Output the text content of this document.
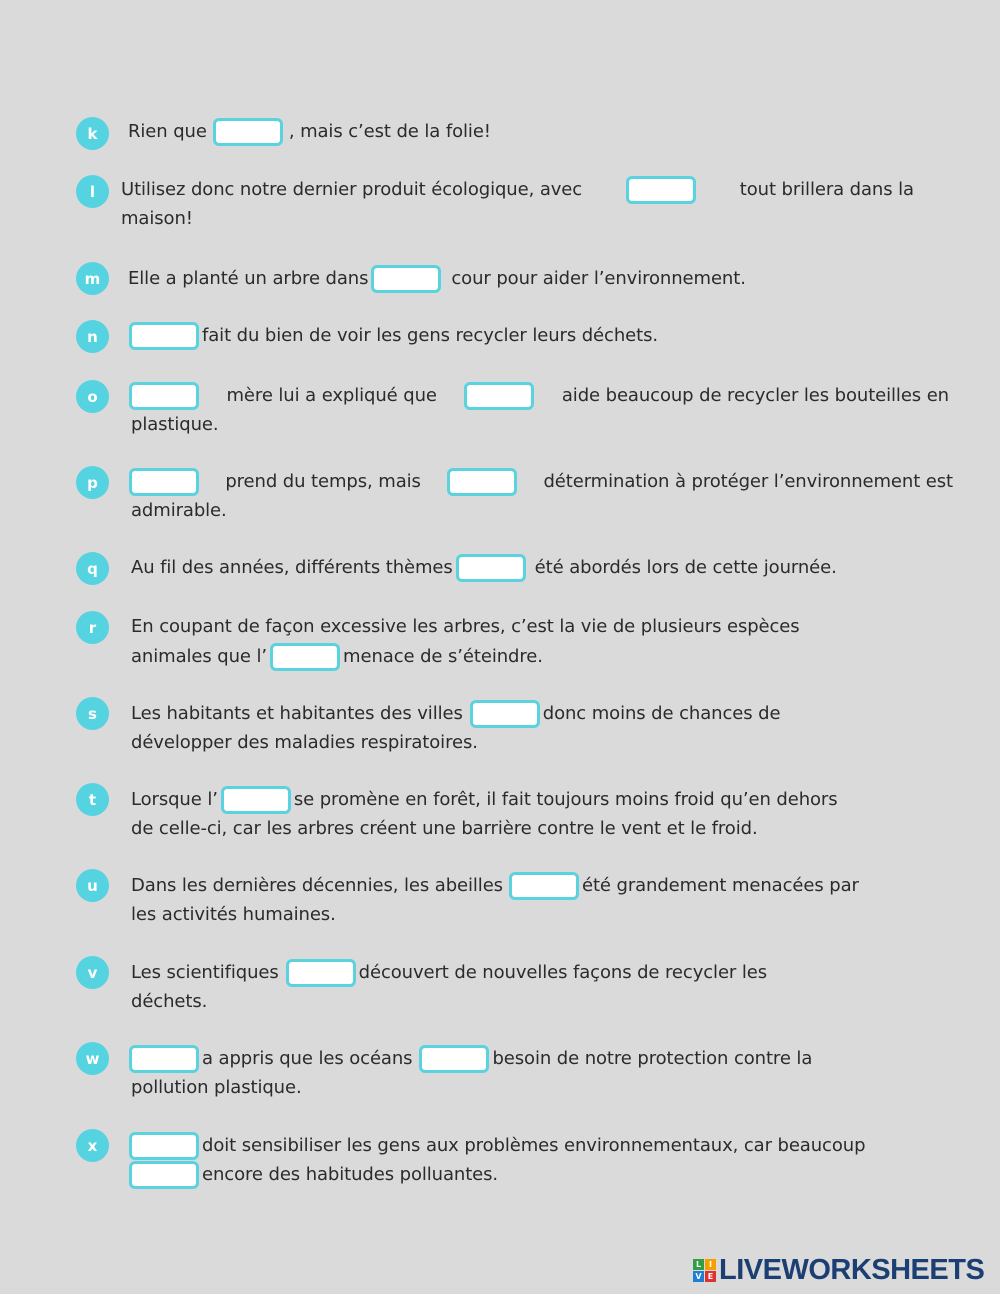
k	Rien que	, mais c’est de la folie!
l	Utilisez donc notre dernier produit écologique, avec	tout brillera dans la
maison!
m	Elle a planté un arbre dans	cour pour aider l’environnement.
n	fait du bien de voir les gens recycler leurs déchets.
o	mère lui a expliqué que	aide beaucoup de recycler les bouteilles en
plastique.
p	prend du temps, mais	détermination à protéger l’environnement est
admirable.
q	Au fil des années, différents thèmes	été abordés lors de cette journée.
r	En coupant de façon excessive les arbres, c’est la vie de plusieurs espèces
animales que l’	menace de s’éteindre.
s	Les habitants et habitantes des villes	donc moins de chances de
développer des maladies respiratoires.
t	Lorsque l’	se promène en forêt, il fait toujours moins froid qu’en dehors
de celle-ci, car les arbres créent une barrière contre le vent et le froid.
u	Dans les dernières décennies, les abeilles	été grandement menacées par
les activités humaines.
v	Les scientifiques	découvert de nouvelles façons de recycler les
déchets.
w	a appris que les océans	besoin de notre protection contre la
pollution plastique.
x	doit sensibiliser les gens aux problèmes environnementaux, car beaucoup
encore des habitudes polluantes.
L I
V E LIVEWORKSHEETS
